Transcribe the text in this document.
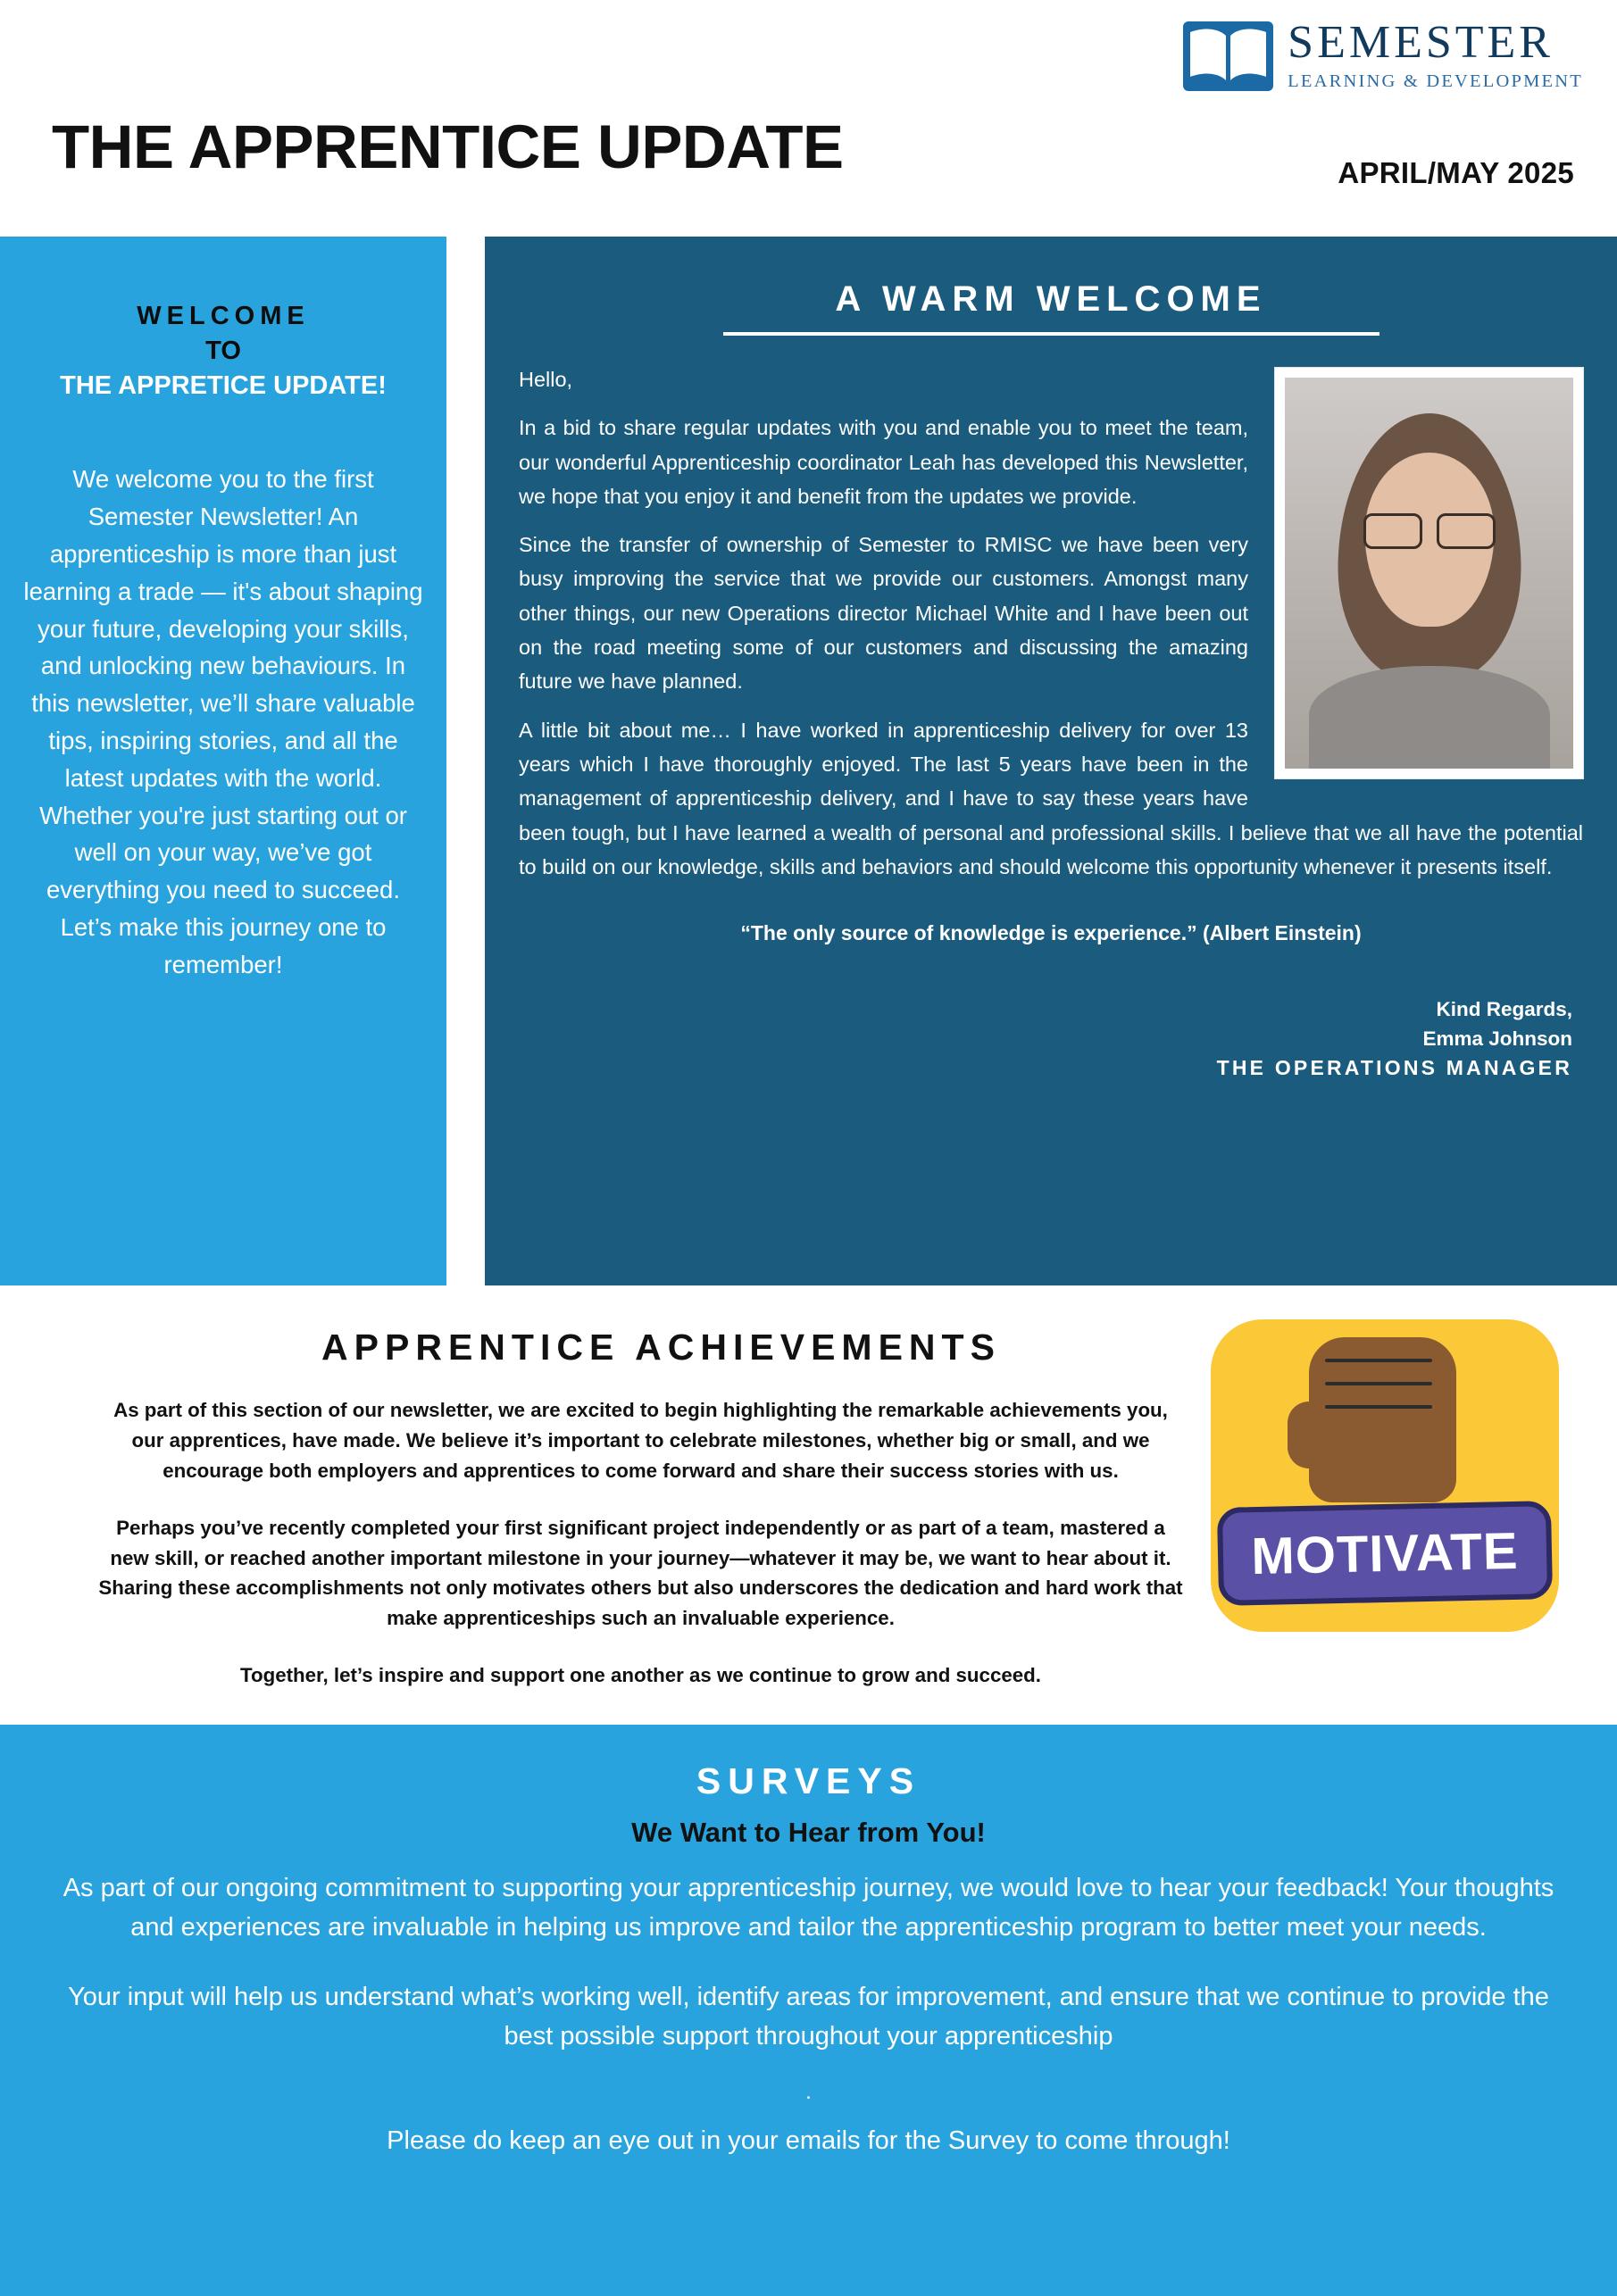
SEMESTER
LEARNING & DEVELOPMENT
THE APPRENTICE UPDATE	APRIL/MAY 2025
WELCOME
TO
THE APPRETICE UPDATE!
We welcome you to the first Semester Newsletter! An apprenticeship is more than just learning a trade — it's about shaping your future, developing your skills, and unlocking new behaviours. In this newsletter, we’ll share valuable tips, inspiring stories, and all the latest updates with the world. Whether you're just starting out or well on your way, we’ve got everything you need to succeed. Let’s make this journey one to remember!
A WARM WELCOME

Hello,

In a bid to share regular updates with you and enable you to meet the team, our wonderful Apprenticeship coordinator Leah has developed this Newsletter, we hope that you enjoy it and benefit from the updates we provide.

Since the transfer of ownership of Semester to RMISC we have been very busy improving the service that we provide our customers. Amongst many other things, our new Operations director Michael White and I have been out on the road meeting some of our customers and discussing the amazing future we have planned.

A little bit about me… I have worked in apprenticeship delivery for over 13 years which I have thoroughly enjoyed. The last 5 years have been in the management of apprenticeship delivery, and I have to say these years have been tough, but I have learned a wealth of personal and professional skills. I believe that we all have the potential to build on our knowledge, skills and behaviors and should welcome this opportunity whenever it presents itself.

“The only source of knowledge is experience.” (Albert Einstein)
Kind Regards,
Emma Johnson
THE OPERATIONS MANAGER
APPRENTICE ACHIEVEMENTS

As part of this section of our newsletter, we are excited to begin highlighting the remarkable achievements you, our apprentices, have made. We believe it’s important to celebrate milestones, whether big or small, and we encourage both employers and apprentices to come forward and share their success stories with us.

Perhaps you’ve recently completed your first significant project independently or as part of a team, mastered a new skill, or reached another important milestone in your journey—whatever it may be, we want to hear about it. Sharing these accomplishments not only motivates others but also underscores the dedication and hard work that make apprenticeships such an invaluable experience.

Together, let’s inspire and support one another as we continue to grow and succeed.

MOTIVATE
SURVEYS
We Want to Hear from You!

As part of our ongoing commitment to supporting your apprenticeship journey, we would love to hear your feedback! Your thoughts and experiences are invaluable in helping us improve and tailor the apprenticeship program to better meet your needs.

Your input will help us understand what’s working well, identify areas for improvement, and ensure that we continue to provide the best possible support throughout your apprenticeship

.

Please do keep an eye out in your emails for the Survey to come through!
